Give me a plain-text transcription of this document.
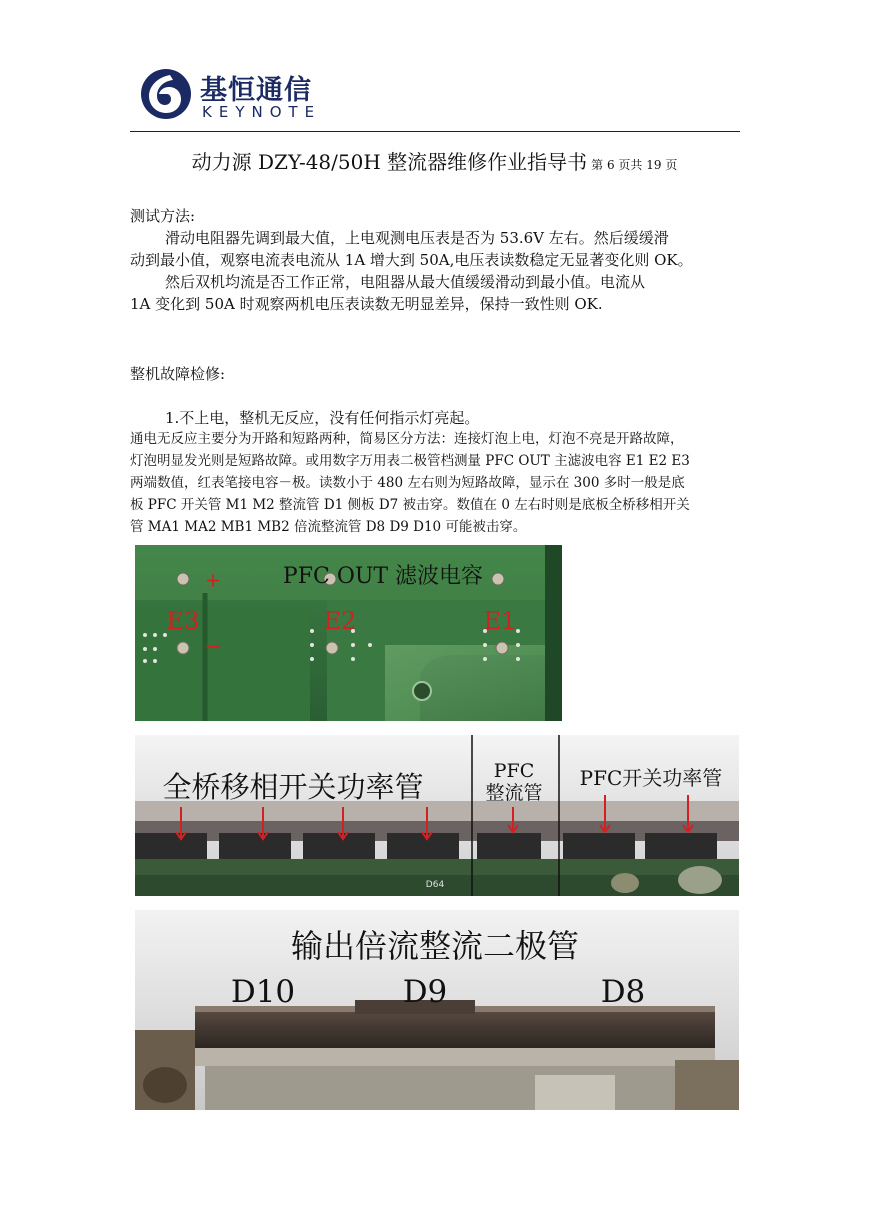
基恒通信
KEYNOTE
动力源 DZY-48/50H 整流器维修作业指导书 第 6 页共 19 页
测试方法:
滑动电阻器先调到最大值，上电观测电压表是否为 53.6V 左右。然后缓缓滑
动到最小值，观察电流表电流从 1A 增大到 50A,电压表读数稳定无显著变化则 OK。
然后双机均流是否工作正常，电阻器从最大值缓缓滑动到最小值。电流从
1A 变化到 50A 时观察两机电压表读数无明显差异，保持一致性则 OK.
整机故障检修:
1.不上电，整机无反应，没有任何指示灯亮起。
通电无反应主要分为开路和短路两种，简易区分方法：连接灯泡上电，灯泡不亮是开路故障，
灯泡明显发光则是短路故障。或用数字万用表二极管档测量 PFC OUT 主滤波电容 E1 E2 E3
两端数值，红表笔接电容－极。读数小于 480 左右则为短路故障，显示在 300 多时一般是底
板 PFC 开关管 M1 M2 整流管 D1 侧板 D7 被击穿。数值在 0 左右时则是底板全桥移相开关
管 MA1 MA2 MB1 MB2 倍流整流管 D8 D9 D10 可能被击穿。
PFC OUT 滤波电容
+
−
E3	E2	E1
D64
全桥移相开关功率管	PFC
整流管
PFC开关功率管
输出倍流整流二极管
D10	D9	D8
